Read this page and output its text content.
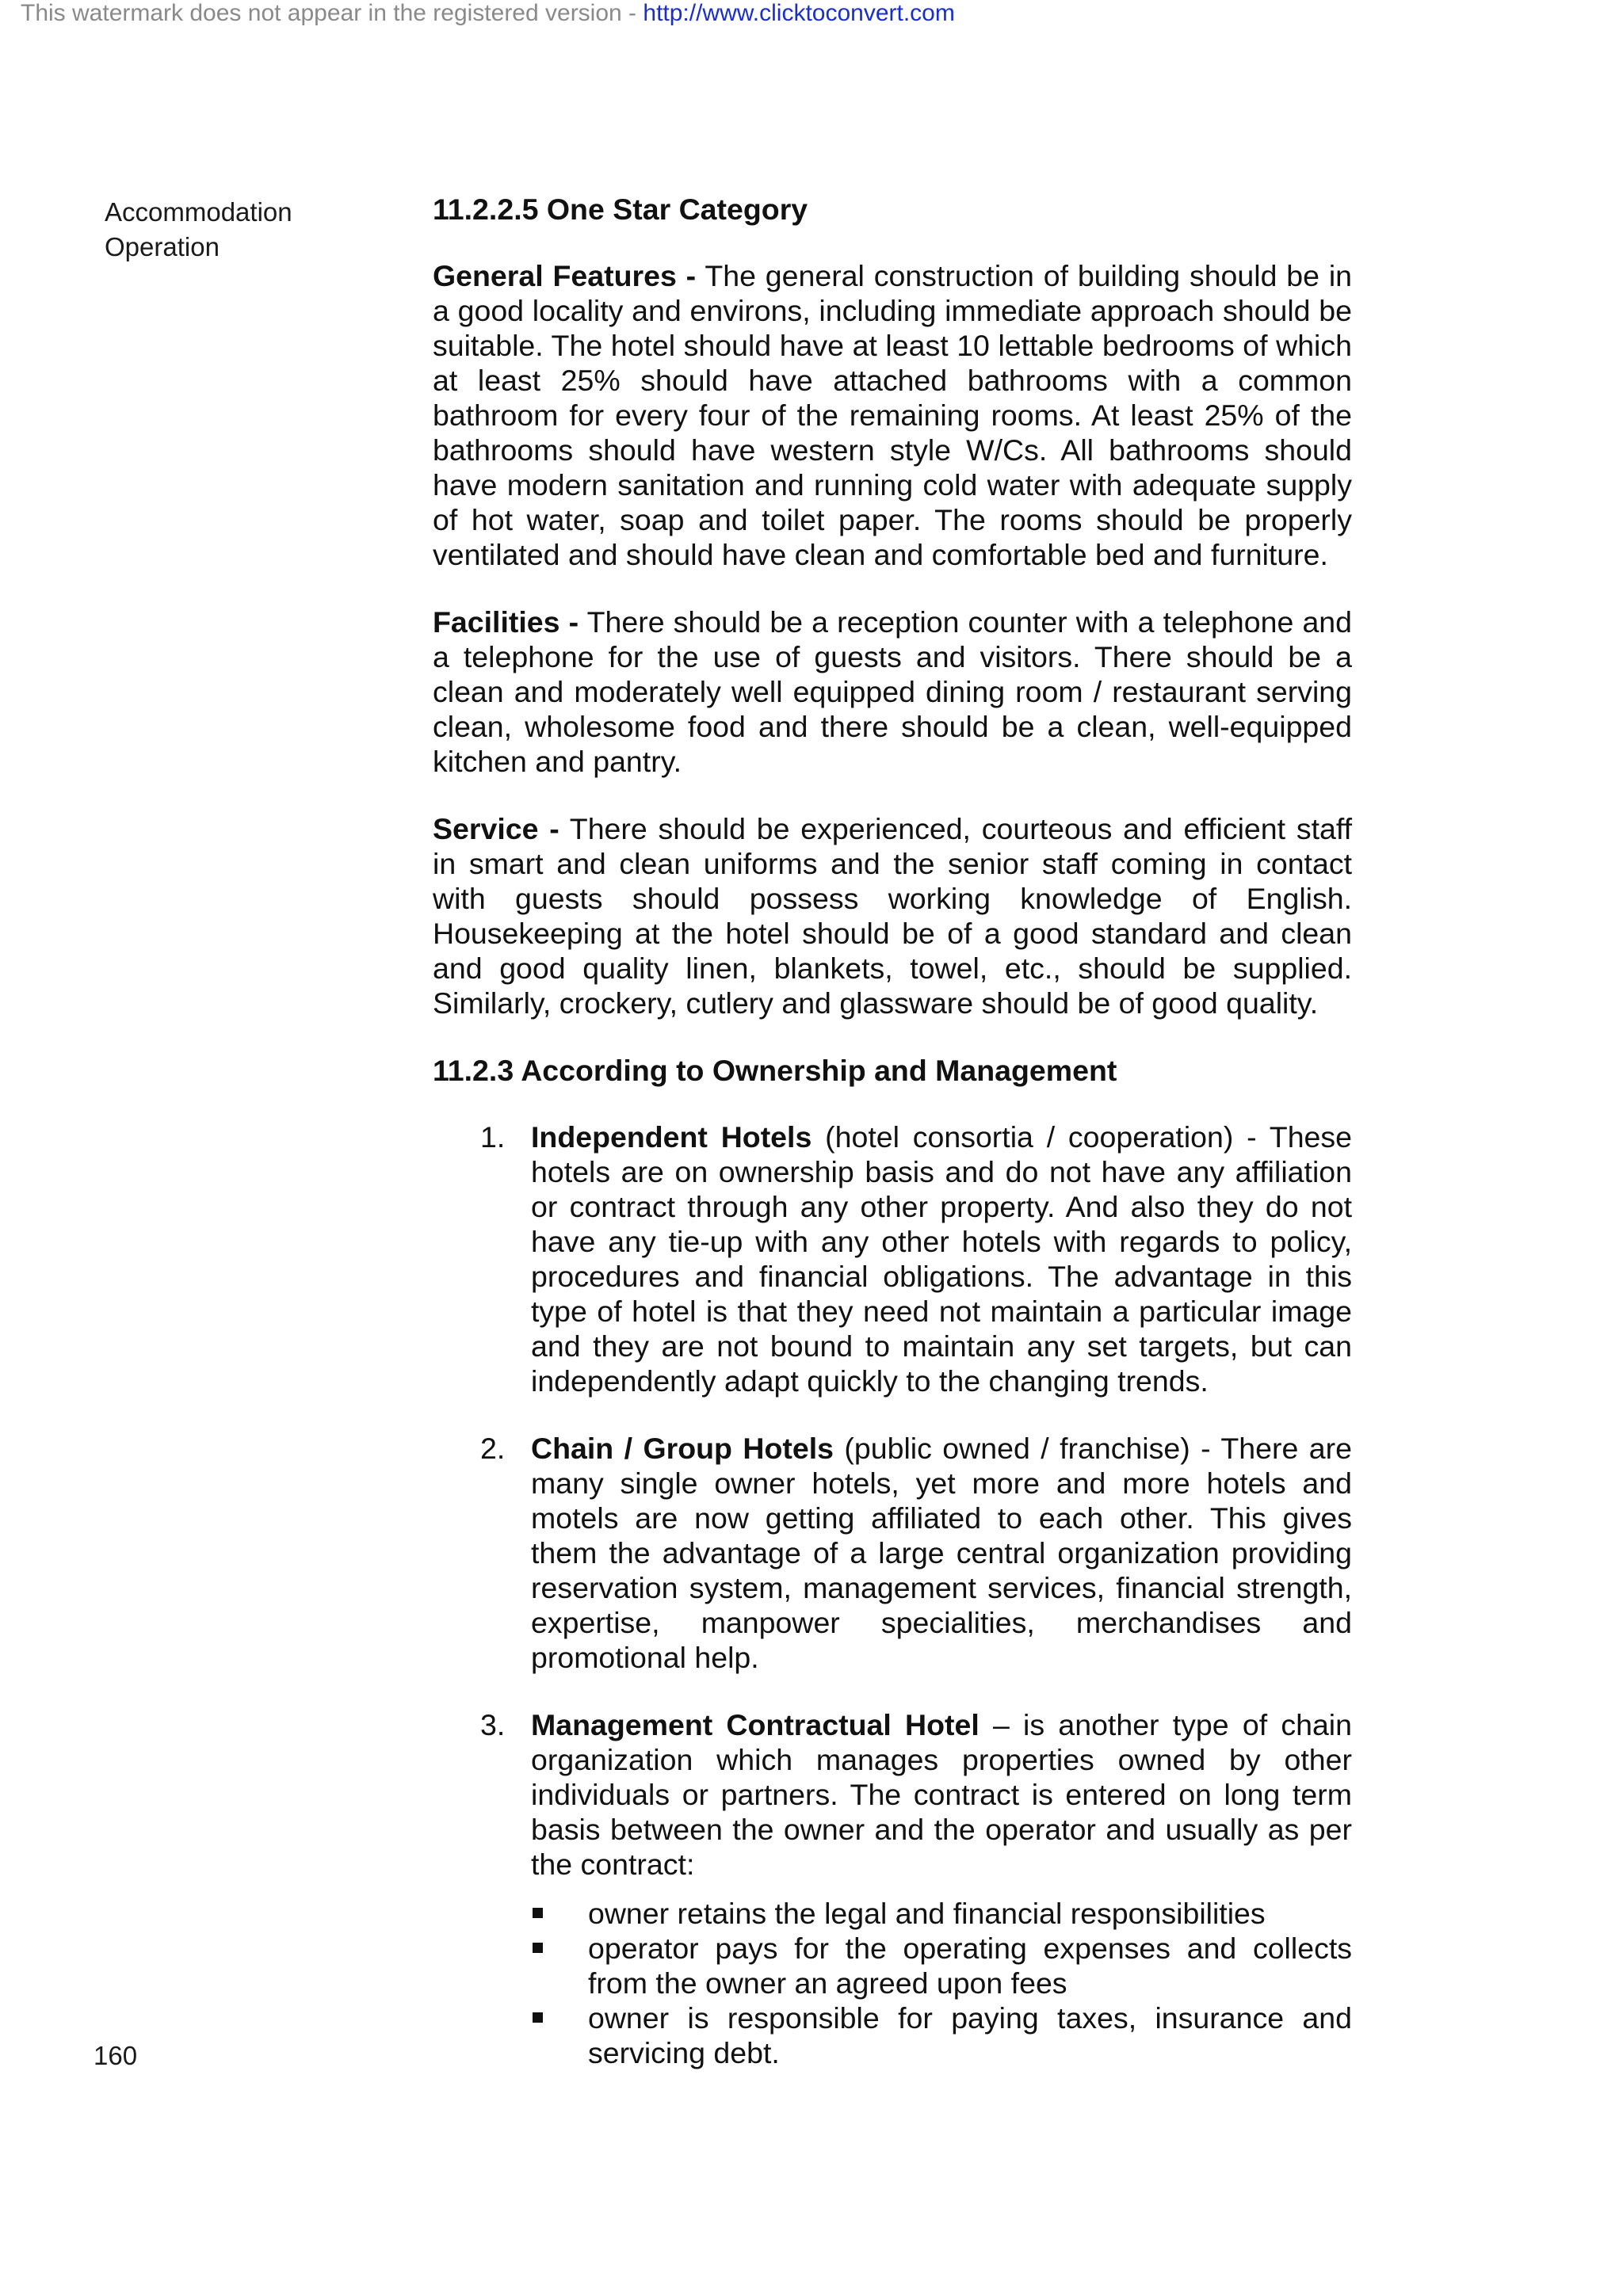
This watermark does not appear in the registered version - http://www.clicktoconvert.com
Accommodation
Operation
160
11.2.2.5 One Star Category

General Features - The general construction of building should be in a good locality and environs, including immediate approach should be suitable. The hotel should have at least 10 lettable bedrooms of which at least 25% should have attached bathrooms with a common bathroom for every four of the remaining rooms. At least 25% of the bathrooms should have western style W/Cs. All bathrooms should have modern sanitation and running cold water with adequate supply of hot water, soap and toilet paper. The rooms should be properly ventilated and should have clean and comfortable bed and furniture.

Facilities - There should be a reception counter with a telephone and a telephone for the use of guests and visitors. There should be a clean and moderately well equipped dining room / restaurant serving clean, wholesome food and there should be a clean, well-equipped kitchen and pantry.

Service - There should be experienced, courteous and efficient staff in smart and clean uniforms and the senior staff coming in contact with guests should possess working knowledge of English. Housekeeping at the hotel should be of a good standard and clean and good quality linen, blankets, towel, etc., should be supplied. Similarly, crockery, cutlery and glassware should be of good quality.

11.2.3 According to Ownership and Management
1. Independent Hotels (hotel consortia / cooperation) - These hotels are on ownership basis and do not have any affiliation or contract through any other property. And also they do not have any tie-up with any other hotels with regards to policy, procedures and financial obligations. The advantage in this type of hotel is that they need not maintain a particular image and they are not bound to maintain any set targets, but can independently adapt quickly to the changing trends.
2. Chain / Group Hotels (public owned / franchise) - There are many single owner hotels, yet more and more hotels and motels are now getting affiliated to each other. This gives them the advantage of a large central organization providing reservation system, management services, financial strength, expertise, manpower specialities, merchandises and promotional help.
3. Management Contractual Hotel – is another type of chain organization which manages properties owned by other individuals or partners. The contract is entered on long term basis between the owner and the operator and usually as per the contract:
owner retains the legal and financial responsibilities
operator pays for the operating expenses and collects from the owner an agreed upon fees
owner is responsible for paying taxes, insurance and servicing debt.
